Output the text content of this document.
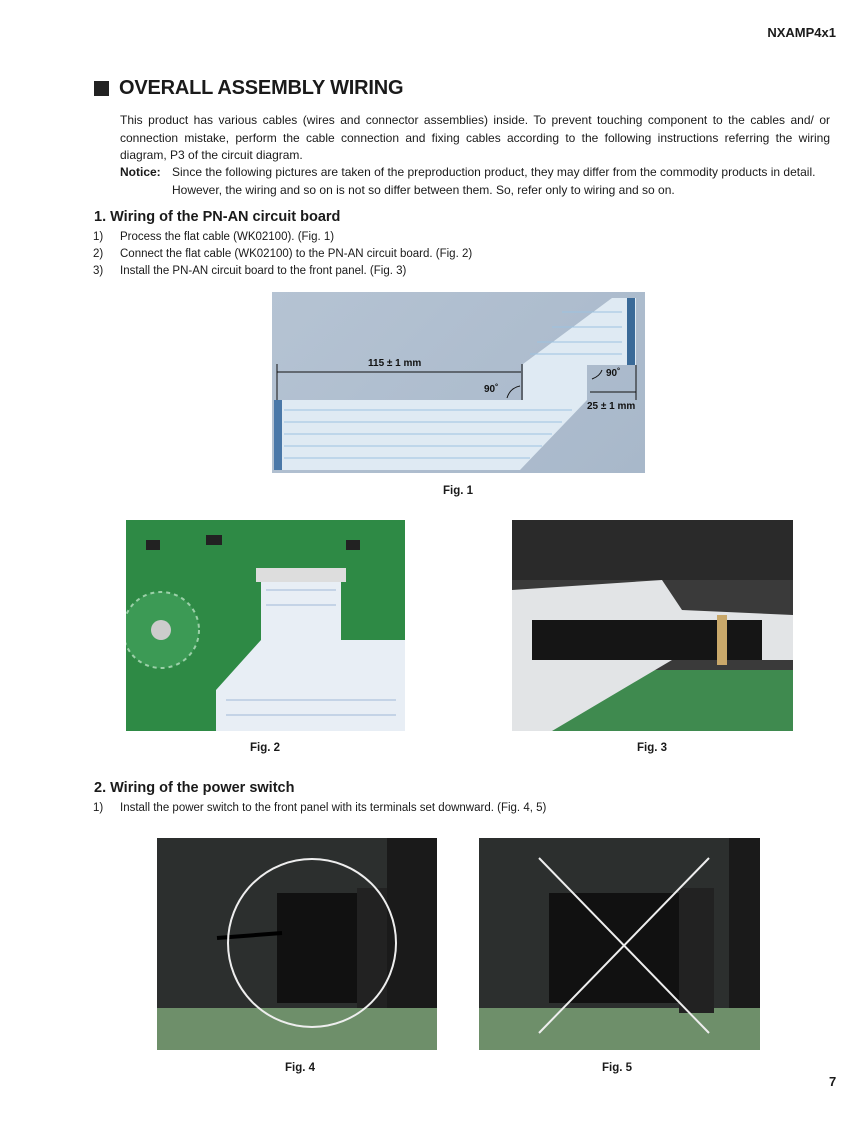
NXAMP4x1
OVERALL ASSEMBLY WIRING
This product has various cables (wires and connector assemblies) inside. To prevent touching component to the cables and/ or connection mistake, perform the cable connection and fixing cables according to the following instructions referring the wiring diagram, P3 of the circuit diagram.
Notice: Since the following pictures are taken of the preproduction product, they may differ from the commodity products in detail. However, the wiring and so on is not so differ between them. So, refer only to wiring and so on.
1. Wiring of the PN-AN circuit board
1)	Process the flat cable (WK02100). (Fig. 1)
2)	Connect the flat cable (WK02100) to the PN-AN circuit board. (Fig. 2)
3)	Install the PN-AN circuit board to the front panel. (Fig. 3)
115 ± 1 mm
90˚
90˚
25 ± 1 mm
Fig. 1
Fig. 2	Fig. 3
2. Wiring of the power switch
1)	Install the power switch to the front panel with its terminals set downward. (Fig. 4, 5)
Fig. 4	Fig. 5
7
